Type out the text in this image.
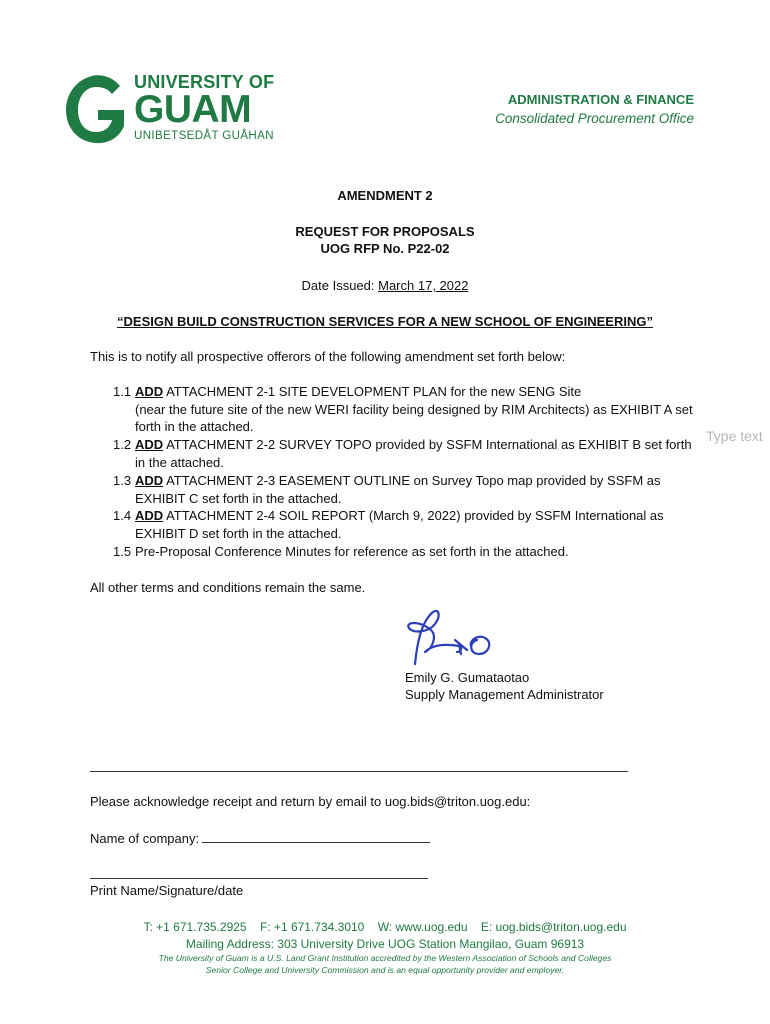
UNIVERSITY OF
GUAM
UNIBETSEDÅT GUÅHAN
ADMINISTRATION & FINANCE
Consolidated Procurement Office
AMENDMENT 2
REQUEST FOR PROPOSALS
UOG RFP No. P22-02
Date Issued: March 17, 2022
“DESIGN BUILD CONSTRUCTION SERVICES FOR A NEW SCHOOL OF ENGINEERING”
This is to notify all prospective offerors of the following amendment set forth below:
1.1 ADD ATTACHMENT 2-1 SITE DEVELOPMENT PLAN for the new SENG Site
(near the future site of the new WERI facility being designed by RIM Architects) as EXHIBIT A set
forth in the attached.
1.2 ADD ATTACHMENT 2-2 SURVEY TOPO provided by SSFM International as EXHIBIT B set forth
in the attached.
1.3 ADD ATTACHMENT 2-3 EASEMENT OUTLINE on Survey Topo map provided by SSFM as
EXHIBIT C set forth in the attached.
1.4 ADD ATTACHMENT 2-4 SOIL REPORT (March 9, 2022) provided by SSFM International as
EXHIBIT D set forth in the attached.
1.5 Pre-Proposal Conference Minutes for reference as set forth in the attached.
Type text
All other terms and conditions remain the same.
Emily G. Gumataotao
Supply Management Administrator
Please acknowledge receipt and return by email to uog.bids@triton.uog.edu:
Name of company:
Print Name/Signature/date
T: +1 671.735.2925 F: +1 671.734.3010 W: www.uog.edu E: uog.bids@triton.uog.edu
Mailing Address: 303 University Drive UOG Station Mangilao, Guam 96913
The University of Guam is a U.S. Land Grant Institution accredited by the Western Association of Schools and Colleges
Senior College and University Commission and is an equal opportunity provider and employer.
